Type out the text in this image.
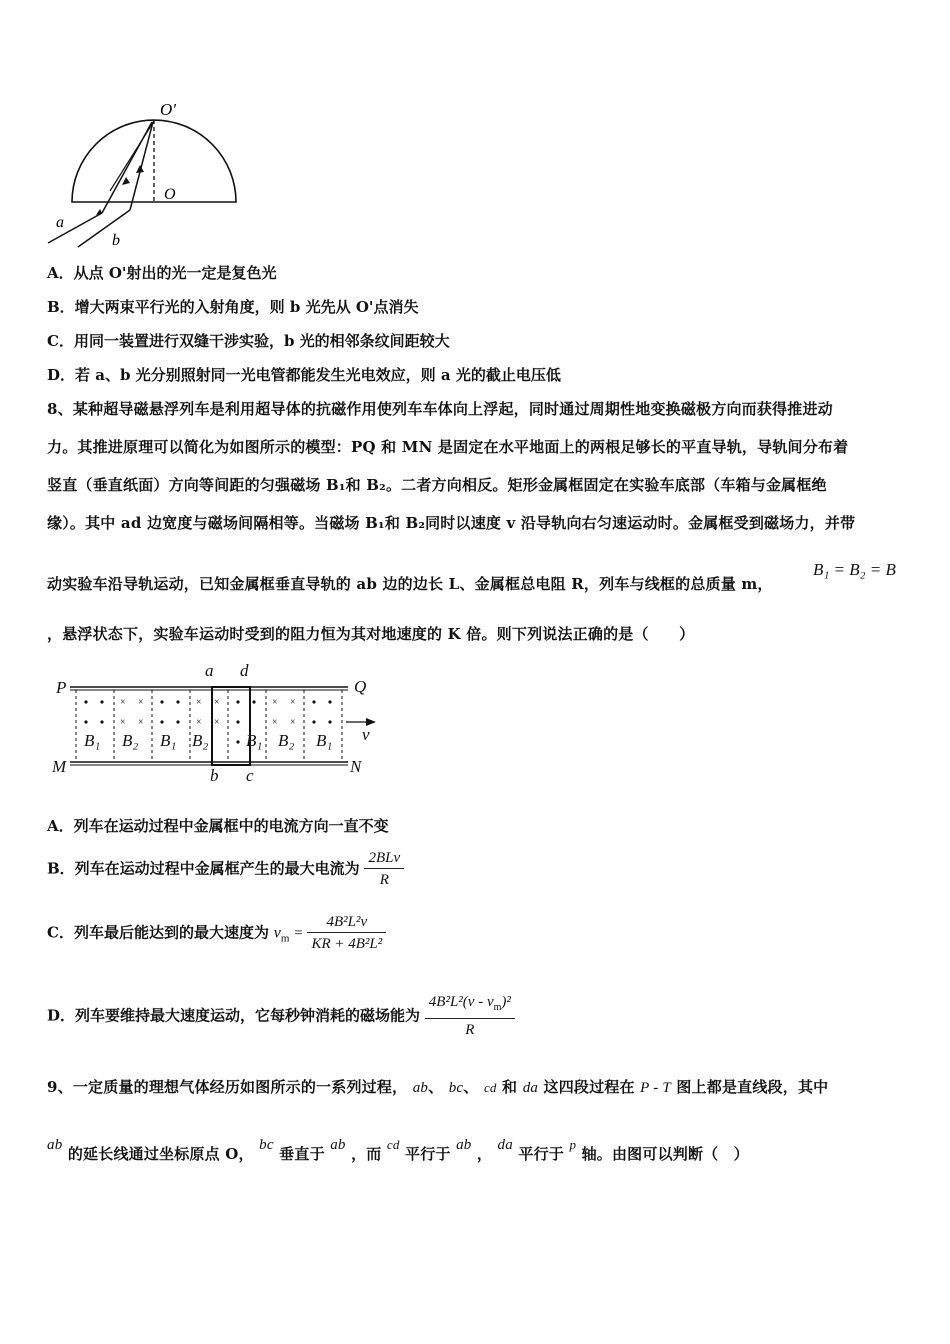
O'
O
a
b
A．从点 O'射出的光一定是复色光
B．增大两束平行光的入射角度，则 b 光先从 O'点消失
C．用同一装置进行双缝干涉实验，b 光的相邻条纹间距较大
D．若 a、b 光分别照射同一光电管都能发生光电效应，则 a 光的截止电压低
8、某种超导磁悬浮列车是利用超导体的抗磁作用使列车车体向上浮起，同时通过周期性地变换磁极方向而获得推进动
力。其推进原理可以简化为如图所示的模型：PQ 和 MN 是固定在水平地面上的两根足够长的平直导轨，导轨间分布着
竖直（垂直纸面）方向等间距的匀强磁场 B₁和 B₂。二者方向相反。矩形金属框固定在实验车底部（车箱与金属框绝
缘）。其中 ad 边宽度与磁场间隔相等。当磁场 B₁和 B₂同时以速度 v 沿导轨向右匀速运动时。金属框受到磁场力，并带
动实验车沿导轨运动，已知金属框垂直导轨的 ab 边的边长 L、金属框总电阻 R，列车与线框的总质量 m，
B₁ = B₂ = B
，悬浮状态下，实验车运动时受到的阻力恒为其对地速度的 K 倍。则下列说法正确的是（　　）
× ×
× ×
× ×
× ×
× ×
× ×
B₁ B₂ B₁ B₂ B₁ B₂ B₁
P	Q
M	N
a d
b c
v
A．列车在运动过程中金属框中的电流方向一直不变
B．列车在运动过程中金属框产生的最大电流为 $\frac{\text{2BLv}}{R}$
C．列车最后能达到的最大速度为 $v_m = \frac{\text{4B²L²v}}{\text{KR + 4B²L²}}$
D．列车要维持最大速度运动，它每秒钟消耗的磁场能为 $\frac{4B^2L^2(v - v_m)^2}{R}$
9、一定质量的理想气体经历如图所示的一系列过程， ab、 bc、 cd 和 da 这四段过程在 P - T 图上都是直线段，其中
ab 的延长线通过坐标原点 O， bc 垂直于 ab ，而 cd 平行于 ab ， da 平行于 p 轴。由图可以判断（　）
